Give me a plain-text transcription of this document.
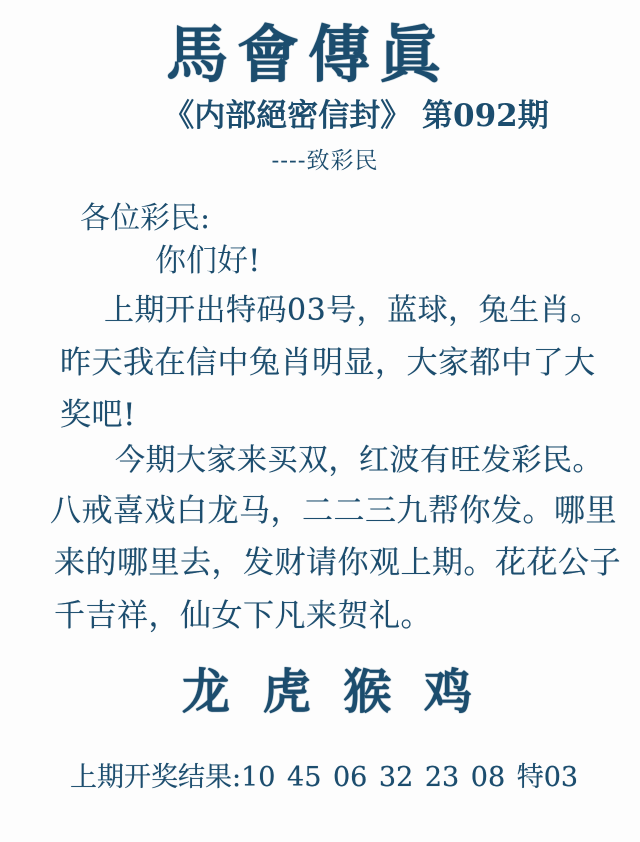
馬會傳眞
《内部絕密信封》 第092期
----致彩民
各位彩民:
你们好!
上期开出特码03号，蓝球，兔生肖。
昨天我在信中兔肖明显，大家都中了大
奖吧!
今期大家来买双，红波有旺发彩民。
八戒喜戏白龙马，二二三九帮你发。哪里
来的哪里去，发财请你观上期。花花公子
千吉祥，仙女下凡来贺礼。
龙 虎 猴 鸡
上期开奖结果:10 45 06 32 23 08 特03
